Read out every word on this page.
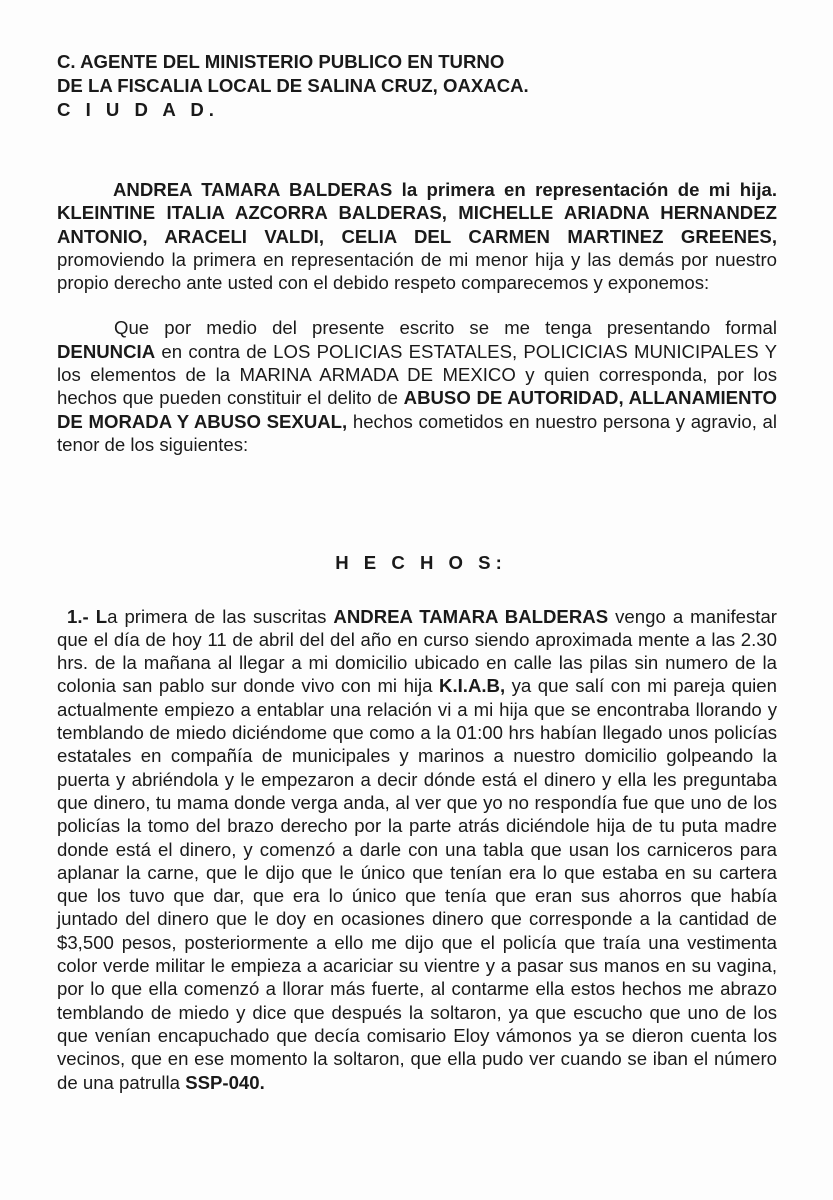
C. AGENTE DEL MINISTERIO PUBLICO EN TURNO
DE LA FISCALIA LOCAL DE SALINA CRUZ, OAXACA.
C I U D A D.

ANDREA TAMARA BALDERAS la primera en representación de mi hija. KLEINTINE ITALIA AZCORRA BALDERAS, MICHELLE ARIADNA HERNANDEZ ANTONIO, ARACELI VALDI, CELIA DEL CARMEN MARTINEZ GREENES, promoviendo la primera en representación de mi menor hija y las demás por nuestro propio derecho ante usted con el debido respeto comparecemos y exponemos:

Que por medio del presente escrito se me tenga presentando formal DENUNCIA en contra de LOS POLICIAS ESTATALES, POLICICIAS MUNICIPALES Y los elementos de la MARINA ARMADA DE MEXICO y quien corresponda, por los hechos que pueden constituir el delito de ABUSO DE AUTORIDAD, ALLANAMIENTO DE MORADA Y ABUSO SEXUAL, hechos cometidos en nuestro persona y agravio, al tenor de los siguientes:

H E C H O S:

1.- La primera de las suscritas ANDREA TAMARA BALDERAS vengo a manifestar que el día de hoy 11 de abril del del año en curso siendo aproximada mente a las 2.30 hrs. de la mañana al llegar a mi domicilio ubicado en calle las pilas sin numero de la colonia san pablo sur donde vivo con mi hija K.I.A.B, ya que salí con mi pareja quien actualmente empiezo a entablar una relación vi a mi hija que se encontraba llorando y temblando de miedo diciéndome que como a la 01:00 hrs habían llegado unos policías estatales en compañía de municipales y marinos a nuestro domicilio golpeando la puerta y abriéndola y le empezaron a decir dónde está el dinero y ella les preguntaba que dinero, tu mama donde verga anda, al ver que yo no respondía fue que uno de los policías la tomo del brazo derecho por la parte atrás diciéndole hija de tu puta madre donde está el dinero, y comenzó a darle con una tabla que usan los carniceros para aplanar la carne, que le dijo que le único que tenían era lo que estaba en su cartera que los tuvo que dar, que era lo único que tenía que eran sus ahorros que había juntado del dinero que le doy en ocasiones dinero que corresponde a la cantidad de $3,500 pesos, posteriormente a ello me dijo que el policía que traía una vestimenta color verde militar le empieza a acariciar su vientre y a pasar sus manos en su vagina, por lo que ella comenzó a llorar más fuerte, al contarme ella estos hechos me abrazo temblando de miedo y dice que después la soltaron, ya que escucho que uno de los que venían encapuchado que decía comisario Eloy vámonos ya se dieron cuenta los vecinos, que en ese momento la soltaron, que ella pudo ver cuando se iban el número de una patrulla SSP-040.
